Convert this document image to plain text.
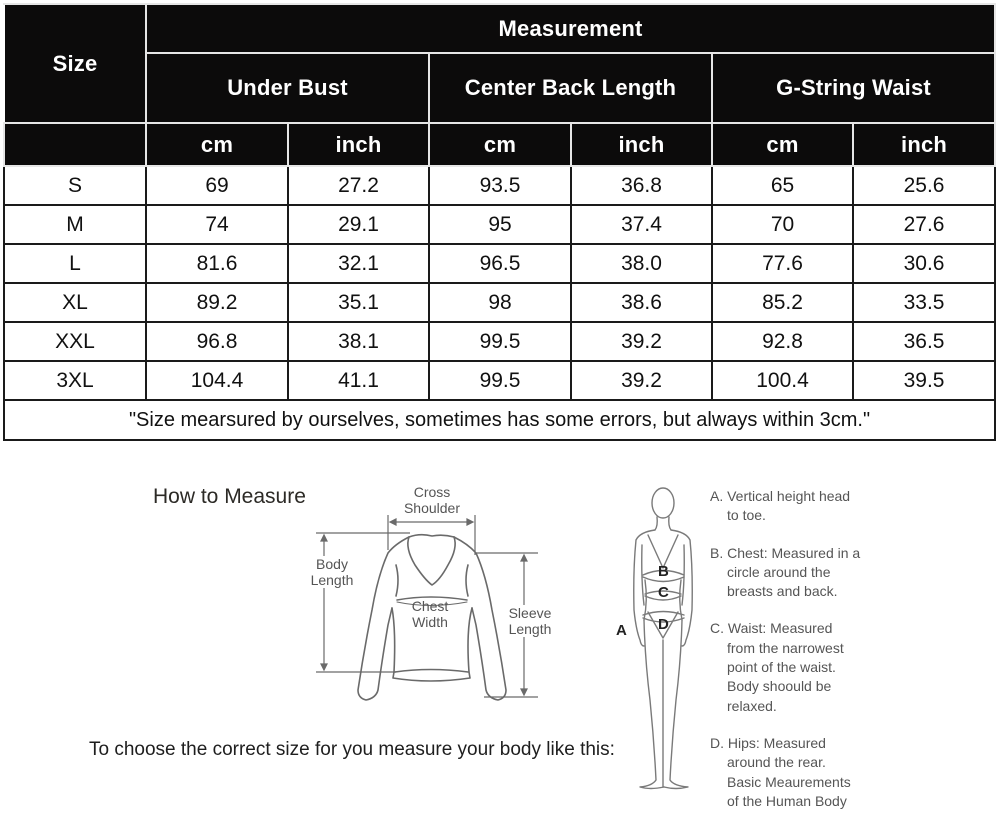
Size	Measurement					
	Under Bust		Center Back Length		G-String Waist	
	cm	inch	cm	inch	cm	inch
S	69	27.2	93.5	36.8	65	25.6
M	74	29.1	95	37.4	70	27.6
L	81.6	32.1	96.5	38.0	77.6	30.6
XL	89.2	35.1	98	38.6	85.2	33.5
XXL	96.8	38.1	99.5	39.2	92.8	36.5
3XL	104.4	41.1	99.5	39.2	100.4	39.5
"Size mearsured by ourselves, sometimes has some errors, but always within 3cm."						
How to Measure	Cross
Shoulder
Body
Length
Chest
Width
Sleeve
Length
To choose the correct size for you measure your body like this:
B
C
D
A
A. Vertical height head
to toe.
B. Chest: Measured in a
circle around the
breasts and back.
C. Waist: Measured
from the narrowest
point of the waist.
Body shoould be
relaxed.
D. Hips: Measured
around the rear.
Basic Meaurements
of the Human Body
